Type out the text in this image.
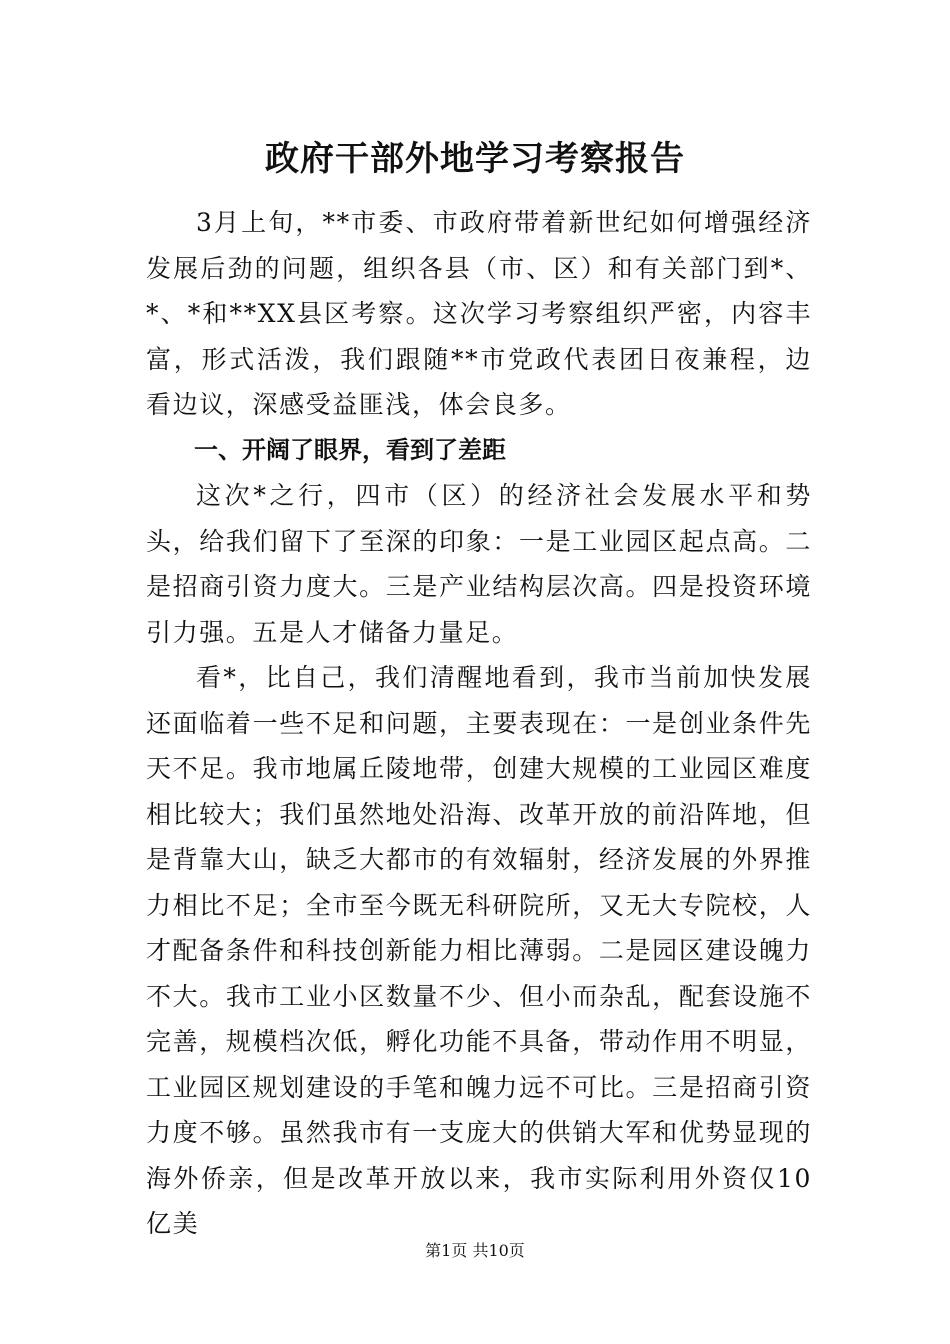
政府干部外地学习考察报告

3月上旬，**市委、市政府带着新世纪如何增强经济发展后劲的问题，组织各县（市、区）和有关部门到*、*、*和**XX县区考察。这次学习考察组织严密，内容丰富，形式活泼，我们跟随**市党政代表团日夜兼程，边看边议，深感受益匪浅，体会良多。

一、开阔了眼界，看到了差距

这次*之行，四市（区）的经济社会发展水平和势头，给我们留下了至深的印象：一是工业园区起点高。二是招商引资力度大。三是产业结构层次高。四是投资环境引力强。五是人才储备力量足。

看*，比自己，我们清醒地看到，我市当前加快发展还面临着一些不足和问题，主要表现在：一是创业条件先天不足。我市地属丘陵地带，创建大规模的工业园区难度相比较大；我们虽然地处沿海、改革开放的前沿阵地，但是背靠大山，缺乏大都市的有效辐射，经济发展的外界推力相比不足；全市至今既无科研院所，又无大专院校，人才配备条件和科技创新能力相比薄弱。二是园区建设魄力不大。我市工业小区数量不少、但小而杂乱，配套设施不完善，规模档次低，孵化功能不具备，带动作用不明显，工业园区规划建设的手笔和魄力远不可比。三是招商引资力度不够。虽然我市有一支庞大的供销大军和优势显现的海外侨亲，但是改革开放以来，我市实际利用外资仅10亿美

第1页 共10页
